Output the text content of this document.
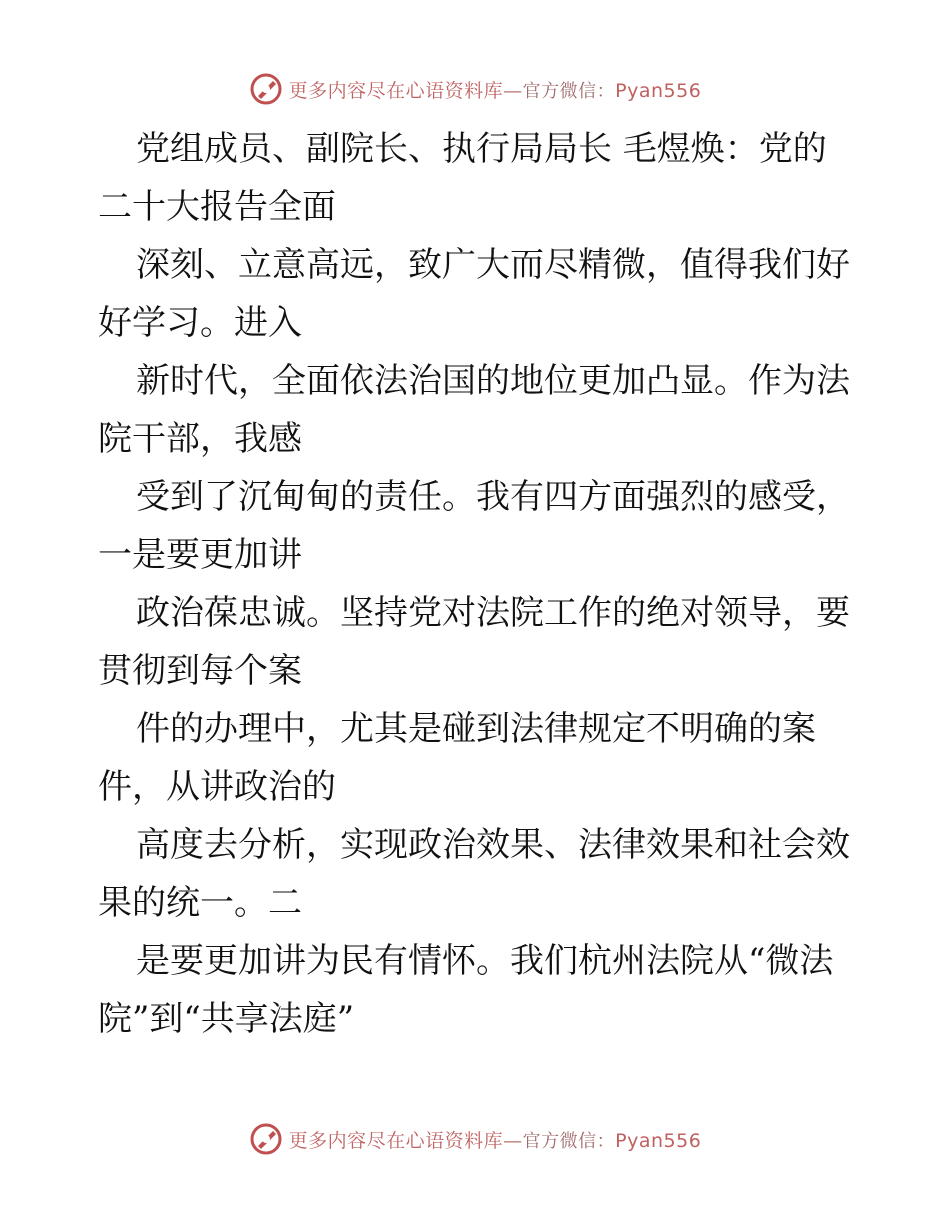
更多内容尽在心语资料库—官方微信：Pyan556

党组成员、副院长、执行局局长 毛煜焕：党的
二十大报告全面

深刻、立意高远，致广大而尽精微，值得我们好
好学习。进入

新时代，全面依法治国的地位更加凸显。作为法
院干部，我感

受到了沉甸甸的责任。我有四方面强烈的感受，
一是要更加讲

政治葆忠诚。坚持党对法院工作的绝对领导，要
贯彻到每个案

件的办理中，尤其是碰到法律规定不明确的案
件，从讲政治的

高度去分析，实现政治效果、法律效果和社会效
果的统一。二

是要更加讲为民有情怀。我们杭州法院从“微法
院”到“共享法庭”

更多内容尽在心语资料库—官方微信：Pyan556
